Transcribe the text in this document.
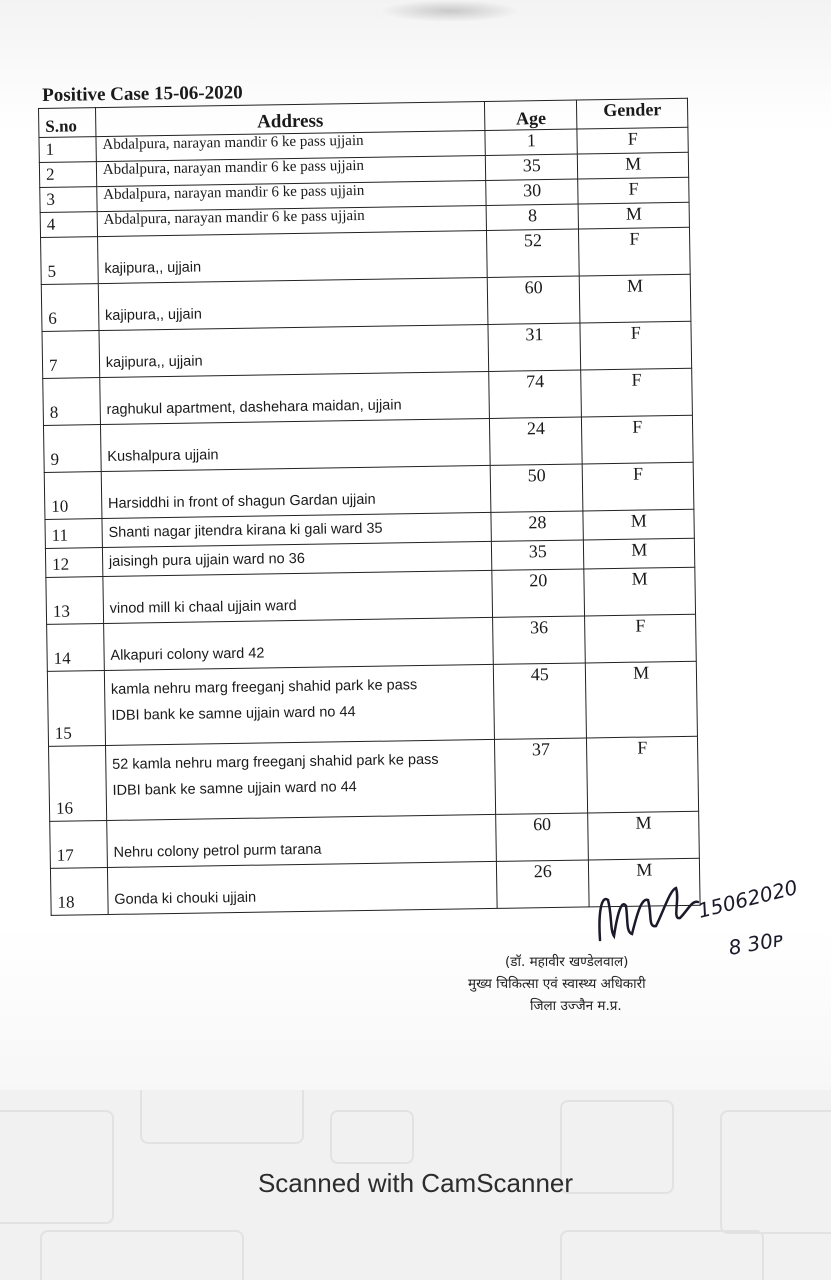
Positive Case 15-06-2020
S.no	Address	Age	Gender
1	Abdalpura, narayan mandir 6 ke pass ujjain	1	F
2	Abdalpura, narayan mandir 6 ke pass ujjain	35	M
3	Abdalpura, narayan mandir 6 ke pass ujjain	30	F
4	Abdalpura, narayan mandir 6 ke pass ujjain	8	M
5	kajipura,, ujjain	52	F
6	kajipura,, ujjain	60	M
7	kajipura,, ujjain	31	F
8	raghukul apartment, dashehara maidan, ujjain	74	F
9	Kushalpura ujjain	24	F
10	Harsiddhi in front of shagun Gardan ujjain	50	F
11	Shanti nagar jitendra kirana ki gali ward 35	28	M
12	jaisingh pura ujjain ward no 36	35	M
13	vinod mill ki chaal ujjain ward	20	M
14	Alkapuri colony ward 42	36	F
15	kamla nehru marg freeganj shahid park ke pass
IDBI bank ke samne ujjain ward no 44	45	M
16	52 kamla nehru marg freeganj shahid park ke pass
IDBI bank ke samne ujjain ward no 44	37	F
17	Nehru colony petrol purm tarana	60	M
18	Gonda ki chouki ujjain	26	M
15062020
8 30ᴘ
(डॉ. महावीर खण्डेलवाल)
मुख्य चिकित्सा एवं स्वास्थ्य अधिकारी
जिला उज्जैन म.प्र.
Scanned with CamScanner
